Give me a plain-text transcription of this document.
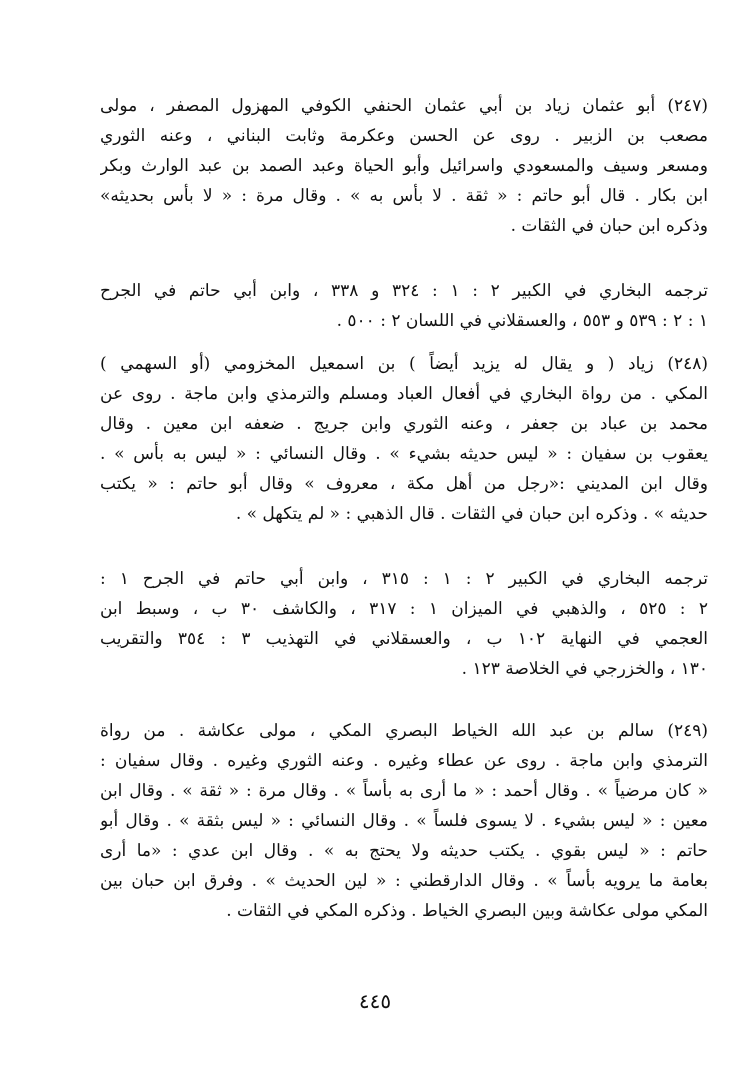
(٢٤٧) أبو عثمان زياد بن أبي عثمان الحنفي الكوفي المهزول المصفر ، مولى
مصعب بن الزبير . روى عن الحسن وعكرمة وثابت البناني ، وعنه الثوري
ومسعر وسيف والمسعودي واسرائيل وأبو الحياة وعبد الصمد بن عبد الوارث وبكر
ابن بكار . قال أبو حاتم : « ثقة . لا بأس به » . وقال مرة : « لا بأس بحديثه»
وذكره ابن حبان في الثقات .
ترجمه البخاري في الكبير ٢ : ١ : ٣٢٤ و ٣٣٨ ، وابن أبي حاتم في الجرح
١ : ٢ : ٥٣٩ و ٥٥٣ ، والعسقلاني في اللسان ٢ : ٥٠٠ .
(٢٤٨) زياد ( و يقال له يزيد أيضاً ) بن اسمعيل المخزومي (أو السهمي )
المكي . من رواة البخاري في أفعال العباد ومسلم والترمذي وابن ماجة . روى عن
محمد بن عباد بن جعفر ، وعنه الثوري وابن جريج . ضعفه ابن معين . وقال
يعقوب بن سفيان : « ليس حديثه بشيء » . وقال النسائي : « ليس به بأس » .
وقال ابن المديني :«رجل من أهل مكة ، معروف » وقال أبو حاتم : « يكتب
حديثه » . وذكره ابن حبان في الثقات . قال الذهبي : « لم يتكهل » .
ترجمه البخاري في الكبير ٢ : ١ : ٣١٥ ، وابن أبي حاتم في الجرح ١ :
٢ : ٥٢٥ ، والذهبي في الميزان ١ : ٣١٧ ، والكاشف ٣٠ ب ، وسبط ابن
العجمي في النهاية ١٠٢ ب ، والعسقلاني في التهذيب ٣ : ٣٥٤ والتقريب
١٣٠ ، والخزرجي في الخلاصة ١٢٣ .
(٢٤٩) سالم بن عبد الله الخياط البصري المكي ، مولى عكاشة . من رواة
الترمذي وابن ماجة . روى عن عطاء وغيره . وعنه الثوري وغيره . وقال سفيان :
« كان مرضياً » . وقال أحمد : « ما أرى به بأساً » . وقال مرة : « ثقة » . وقال ابن
معين : « ليس بشيء . لا يسوى فلساً » . وقال النسائي : « ليس بثقة » . وقال أبو
حاتم : « ليس بقوي . يكتب حديثه ولا يحتج به » . وقال ابن عدي : «ما أرى
بعامة ما يرويه بأساً » . وقال الدارقطني : « لين الحديث » . وفرق ابن حبان بين
المكي مولى عكاشة وبين البصري الخياط . وذكره المكي في الثقات .
٤٤٥
